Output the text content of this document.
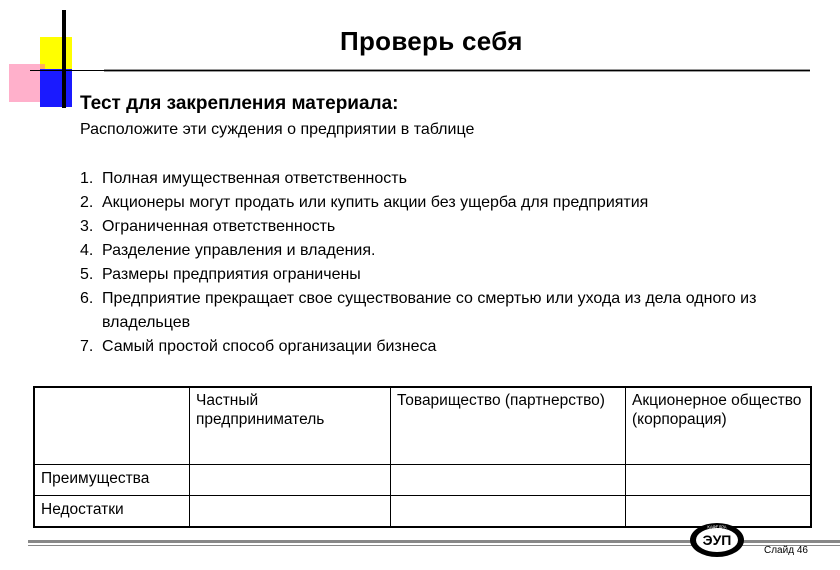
Проверь себя
Тест для закрепления материала:
Расположите эти суждения о предприятии в таблице
1. Полная имущественная ответственность
2. Акционеры могут продать или купить акции без ущерба для предприятия
3. Ограниченная ответственность
4. Разделение управления и владения.
5. Размеры предприятия ограничены
6. Предприятие прекращает свое существование со смертью или ухода из дела одного из владельцев
7. Самый простой способ организации бизнеса
	Частный предприниматель	Товарищество (партнерство)	Акционерное общество (корпорация)
Преимущества			
Недостатки			
КАФЕДРА
ЭУП
Слайд 46
